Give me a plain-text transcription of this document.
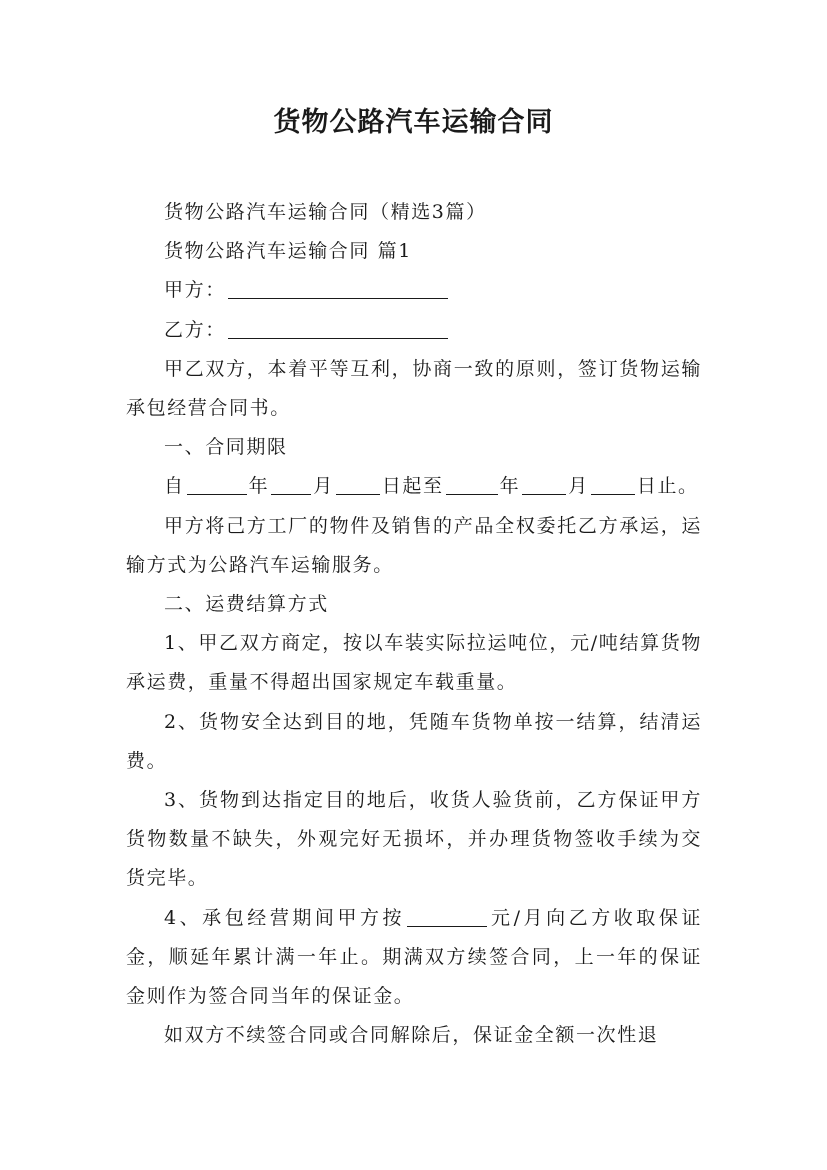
货物公路汽车运输合同

货物公路汽车运输合同（精选3篇）

货物公路汽车运输合同 篇1

甲方：

乙方：

甲乙双方，本着平等互利，协商一致的原则，签订货物运输承包经营合同书。

一、合同期限

自	年 月	日起至	年	月	日止。

甲方将己方工厂的物件及销售的产品全权委托乙方承运，运输方式为公路汽车运输服务。

二、运费结算方式

1、甲乙双方商定，按以车装实际拉运吨位，元/吨结算货物承运费，重量不得超出国家规定车载重量。

2、货物安全达到目的地，凭随车货物单按一结算，结清运费。

3、货物到达指定目的地后，收货人验货前，乙方保证甲方货物数量不缺失，外观完好无损坏，并办理货物签收手续为交货完毕。

4、承包经营期间甲方按	元/月向乙方收取保证金，顺延年累计满一年止。期满双方续签合同，上一年的保证金则作为签合同当年的保证金。

如双方不续签合同或合同解除后，保证金全额一次性退
